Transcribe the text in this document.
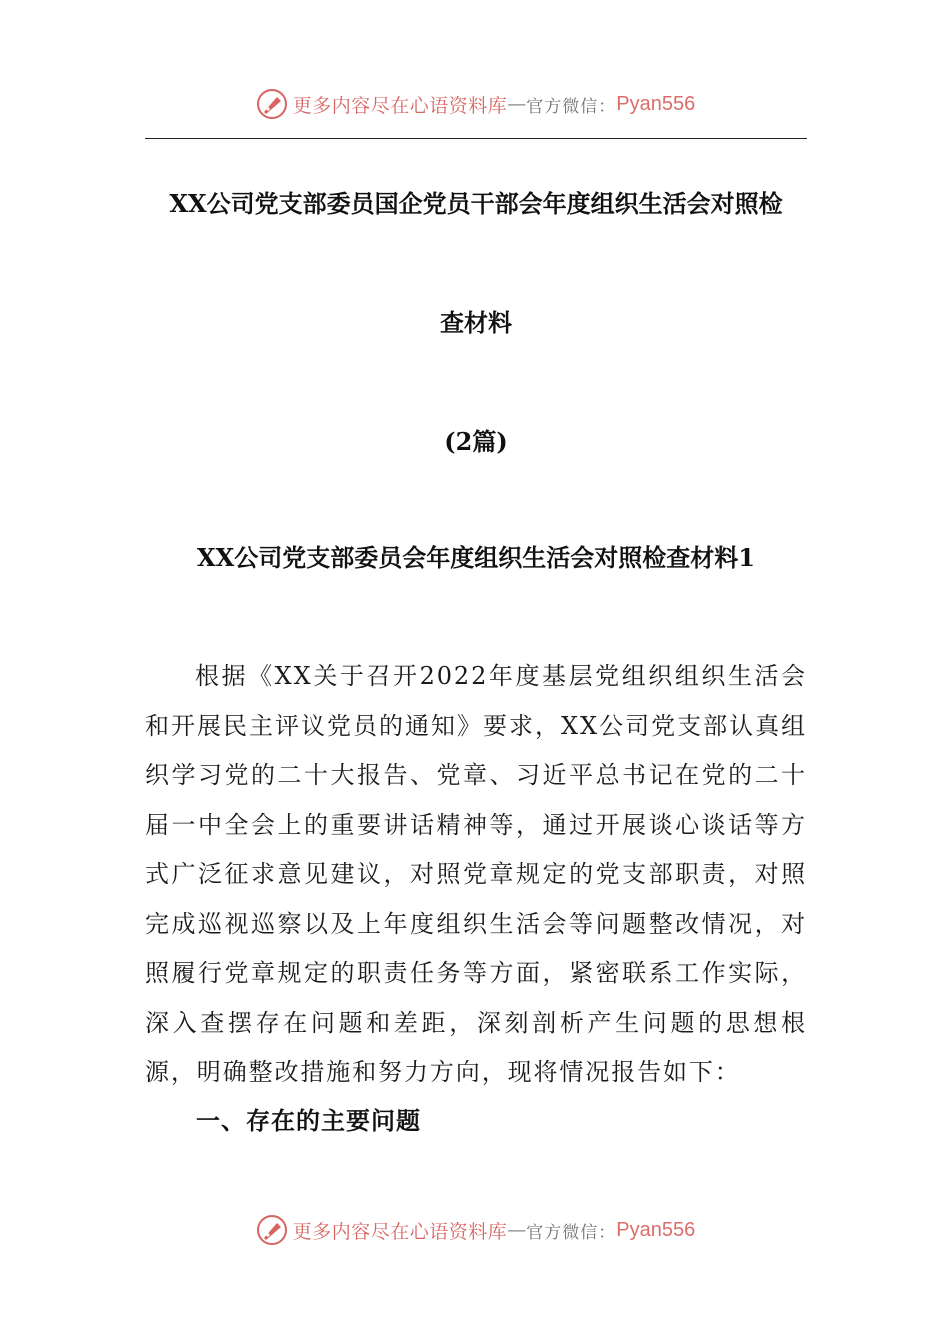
更多内容尽在心语资料库 — 官方微信： Pyan556
XX公司党支部委员国企党员干部会年度组织生活会对照检
查材料
(2篇)
XX公司党支部委员会年度组织生活会对照检查材料1

根据《XX关于召开2022年度基层党组织组织生活会和开展民主评议党员的通知》要求，XX公司党支部认真组织学习党的二十大报告、党章、习近平总书记在党的二十届一中全会上的重要讲话精神等，通过开展谈心谈话等方式广泛征求意见建议，对照党章规定的党支部职责，对照完成巡视巡察以及上年度组织生活会等问题整改情况，对照履行党章规定的职责任务等方面，紧密联系工作实际，深入查摆存在问题和差距，深刻剖析产生问题的思想根源，明确整改措施和努力方向，现将情况报告如下：

一、存在的主要问题
更多内容尽在心语资料库 — 官方微信： Pyan556
